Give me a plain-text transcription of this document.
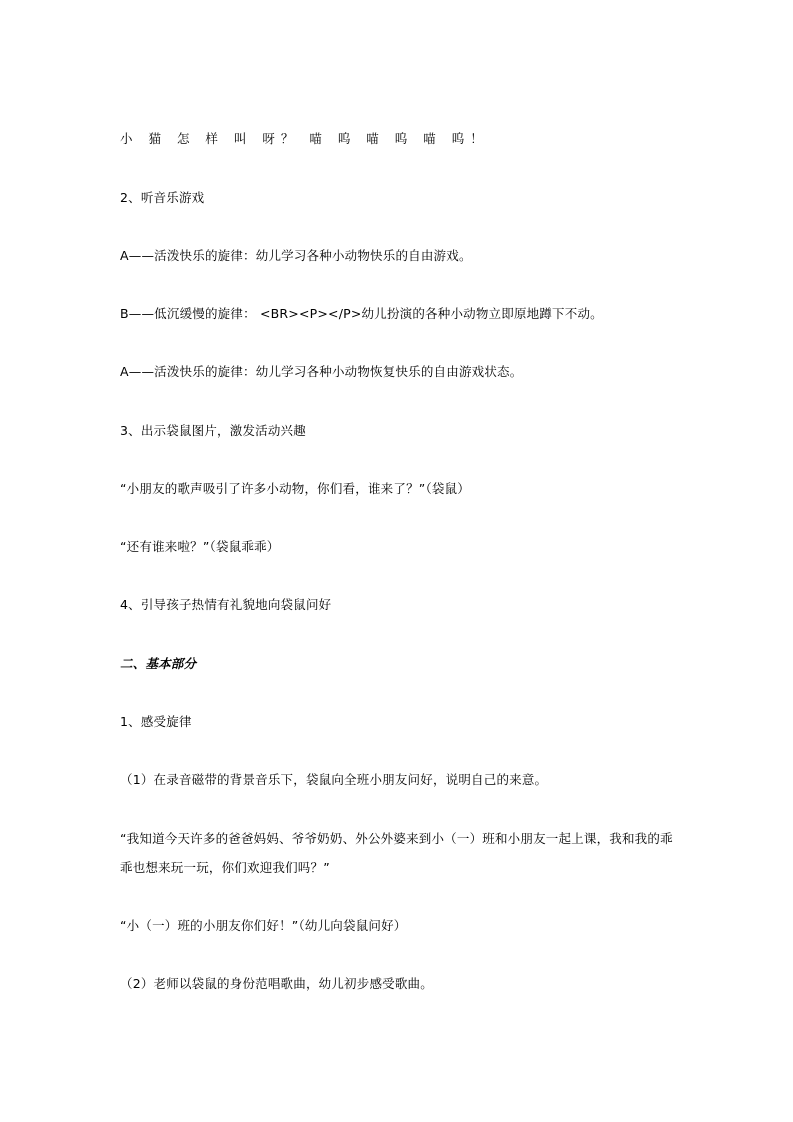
小 猫 怎 样 叫 呀？ 喵 呜 喵 呜 喵 呜！
2、听音乐游戏
A——活泼快乐的旋律：幼儿学习各种小动物快乐的自由游戏。
B——低沉缓慢的旋律： <BR><P></P>幼儿扮演的各种小动物立即原地蹲下不动。
A——活泼快乐的旋律：幼儿学习各种小动物恢复快乐的自由游戏状态。
3、出示袋鼠图片，激发活动兴趣
“小朋友的歌声吸引了许多小动物，你们看，谁来了？”（袋鼠）
“还有谁来啦？”（袋鼠乖乖）
4、引导孩子热情有礼貌地向袋鼠问好
二、基本部分
1、感受旋律
（1）在录音磁带的背景音乐下，袋鼠向全班小朋友问好，说明自己的来意。
“我知道今天许多的爸爸妈妈、爷爷奶奶、外公外婆来到小（一）班和小朋友一起上课，我和我的乖乖也想来玩一玩，你们欢迎我们吗？”
“小（一）班的小朋友你们好！”（幼儿向袋鼠问好）
（2）老师以袋鼠的身份范唱歌曲，幼儿初步感受歌曲。
